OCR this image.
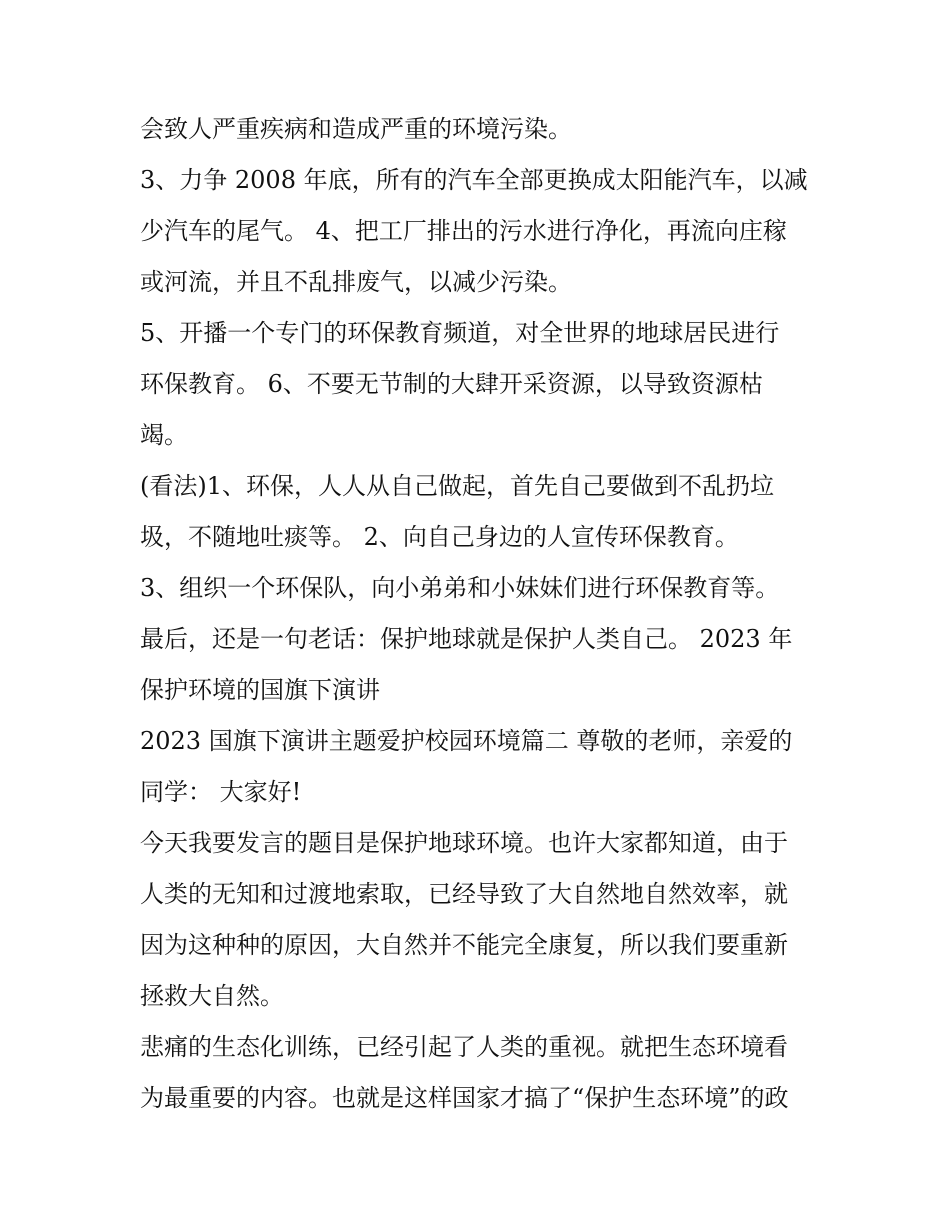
会致人严重疾病和造成严重的环境污染。
3、力争 2008 年底，所有的汽车全部更换成太阳能汽车，以减
少汽车的尾气。 4、把工厂排出的污水进行净化，再流向庄稼
或河流，并且不乱排废气，以减少污染。
5、开播一个专门的环保教育频道，对全世界的地球居民进行
环保教育。 6、不要无节制的大肆开采资源，以导致资源枯
竭。
(看法)1、环保，人人从自己做起，首先自己要做到不乱扔垃
圾，不随地吐痰等。 2、向自己身边的人宣传环保教育。
3、组织一个环保队，向小弟弟和小妹妹们进行环保教育等。
最后，还是一句老话：保护地球就是保护人类自己。 2023 年
保护环境的国旗下演讲
2023 国旗下演讲主题爱护校园环境篇二 尊敬的老师，亲爱的
同学： 大家好!
今天我要发言的题目是保护地球环境。也许大家都知道，由于
人类的无知和过渡地索取，已经导致了大自然地自然效率，就
因为这种种的原因，大自然并不能完全康复，所以我们要重新
拯救大自然。
悲痛的生态化训练，已经引起了人类的重视。就把生态环境看
为最重要的内容。也就是这样国家才搞了“保护生态环境”的政
